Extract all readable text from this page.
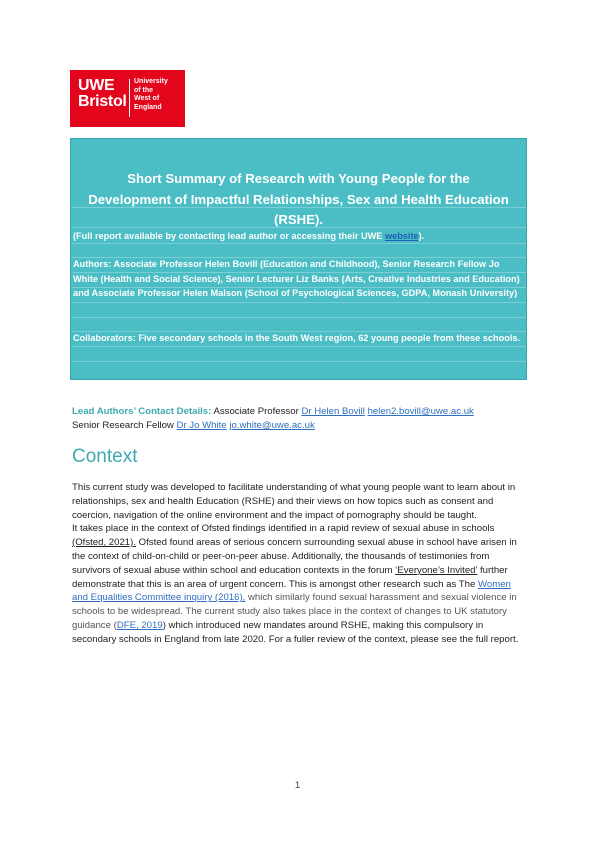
UWE
Bristol
University
of the
West of
England
Short Summary of Research with Young People for the
Development of Impactful Relationships, Sex and Health Education
(RSHE).
(Full report available by contacting lead author or accessing their UWE website).
Authors: Associate Professor Helen Bovill (Education and Childhood), Senior Research Fellow Jo White (Health and Social Science), Senior Lecturer Liz Banks (Arts, Creative Industries and Education) and Associate Professor Helen Malson (School of Psychological Sciences, GDPA, Monash University)
Collaborators: Five secondary schools in the South West region, 62 young people from these schools.
Lead Authors’ Contact Details: Associate Professor Dr Helen Bovill helen2.bovill@uwe.ac.uk
Senior Research Fellow Dr Jo White jo.white@uwe.ac.uk
Context

This current study was developed to facilitate understanding of what young people want to learn about in relationships, sex and health Education (RSHE) and their views on how topics such as consent and coercion, navigation of the online environment and the impact of pornography should be taught.

It takes place in the context of Ofsted findings identified in a rapid review of sexual abuse in schools (Ofsted, 2021). Ofsted found areas of serious concern surrounding sexual abuse in school have arisen in the context of child-on-child or peer-on-peer abuse. Additionally, the thousands of testimonies from survivors of sexual abuse within school and education contexts in the forum ‘Everyone’s Invited’ further demonstrate that this is an area of urgent concern. This is amongst other research such as The Women and Equalities Committee inquiry (2016), which similarly found sexual harassment and sexual violence in schools to be widespread. The current study also takes place in the context of changes to UK statutory guidance (DFE, 2019) which introduced new mandates around RSHE, making this compulsory in secondary schools in England from late 2020. For a fuller review of the context, please see the full report.

1
